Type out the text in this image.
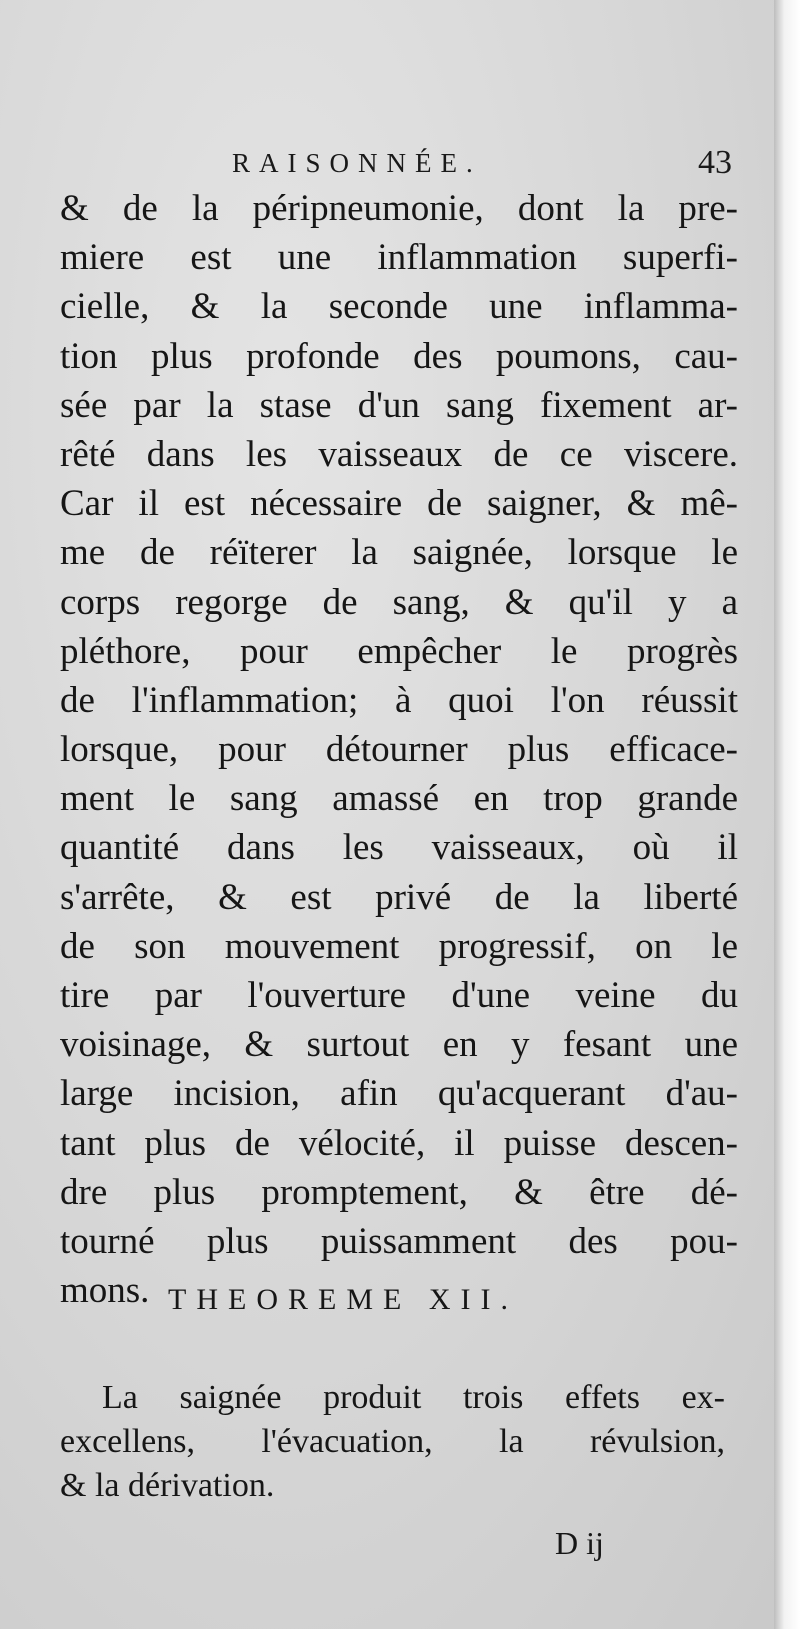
RAISONNÉE.	43
& de la péripneumonie, dont la pre-
miere est une inflammation superfi-
cielle, & la seconde une inflamma-
tion plus profonde des poumons, cau-
sée par la stase d'un sang fixement ar-
rêté dans les vaisseaux de ce viscere.
Car il est nécessaire de saigner, & mê-
me de réïterer la saignée, lorsque le
corps regorge de sang, & qu'il y a
pléthore, pour empêcher le progrès
de l'inflammation; à quoi l'on réussit
lorsque, pour détourner plus efficace-
ment le sang amassé en trop grande
quantité dans les vaisseaux, où il
s'arrête, & est privé de la liberté
de son mouvement progressif, on le
tire par l'ouverture d'une veine du
voisinage, & surtout en y fesant une
large incision, afin qu'acquerant d'au-
tant plus de vélocité, il puisse descen-
dre plus promptement, & être dé-
tourné plus puissamment des pou-
mons. THEOREME XII.
La saignée produit trois effets ex-
excellens, l'évacuation, la révulsion,
& la dérivation.
D ij
